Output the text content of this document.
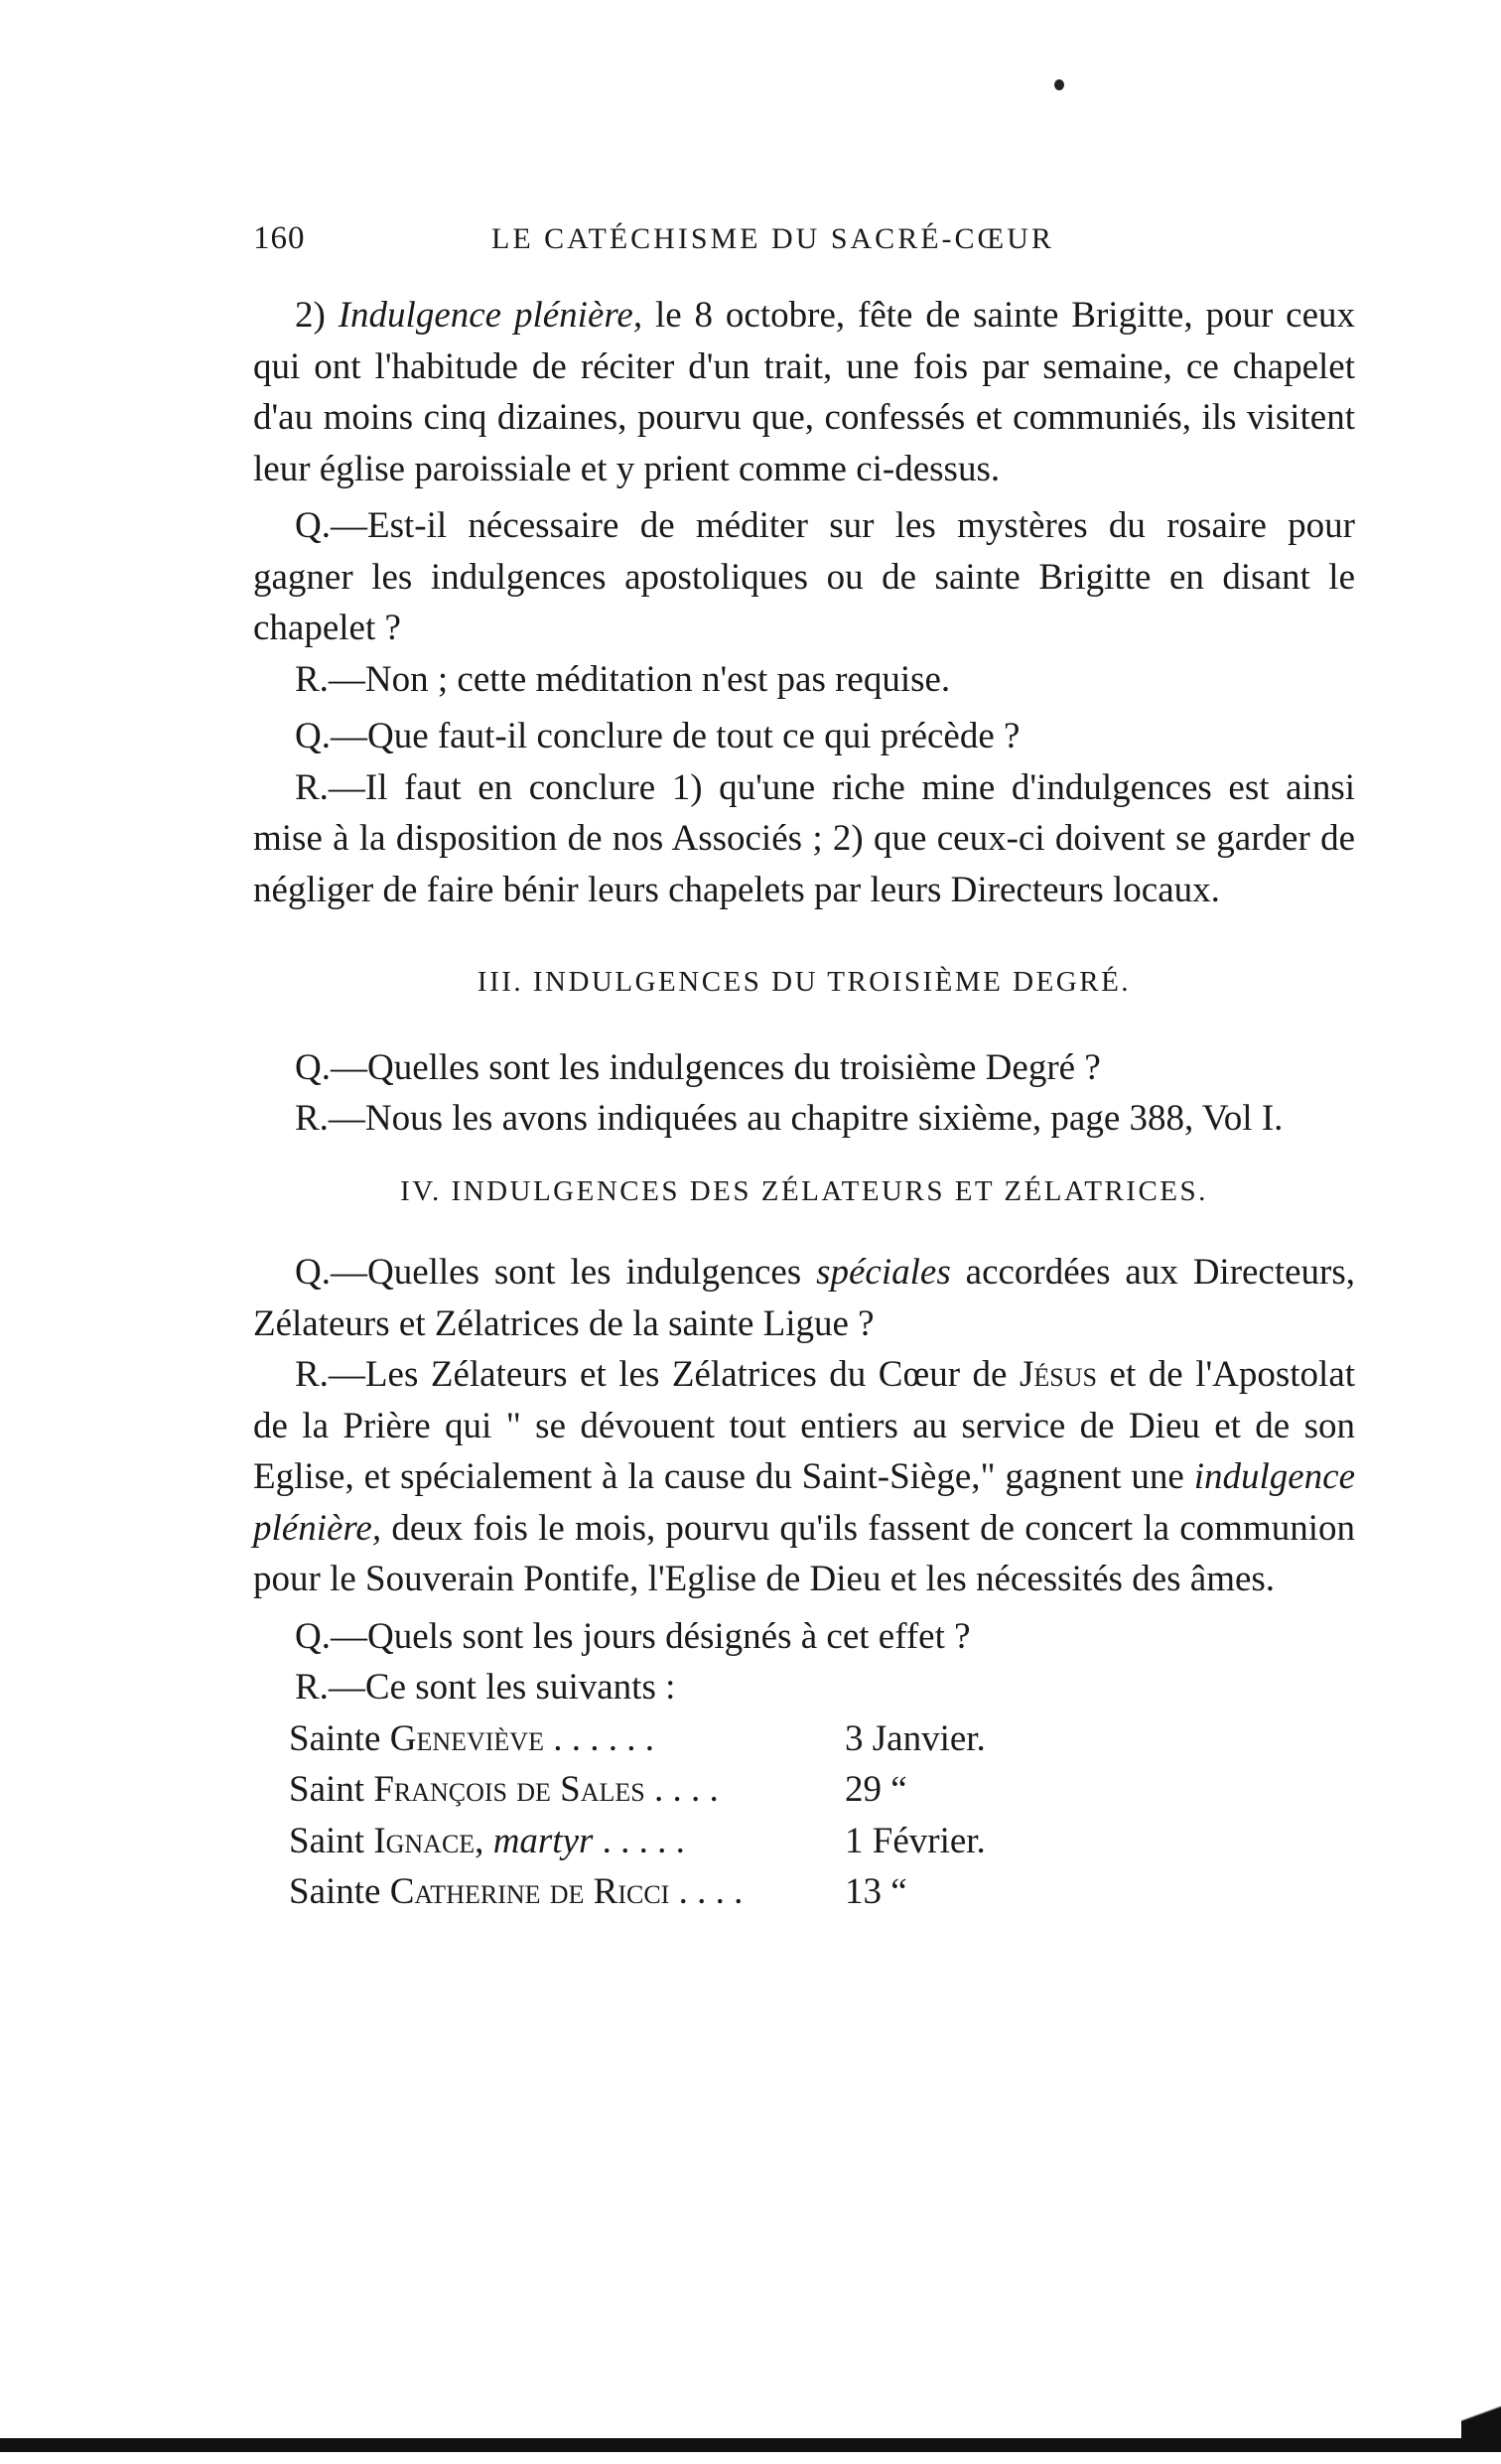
160	LE CATÉCHISME DU SACRÉ-CŒUR

2) Indulgence plénière, le 8 octobre, fête de sainte Brigitte, pour ceux qui ont l'habitude de réciter d'un trait, une fois par semaine, ce chapelet d'au moins cinq dizaines, pourvu que, confessés et communiés, ils visitent leur église paroissiale et y prient comme ci-dessus.

Q.—Est-il nécessaire de méditer sur les mystères du rosaire pour gagner les indulgences apostoliques ou de sainte Brigitte en disant le chapelet ?

R.—Non ; cette méditation n'est pas requise.

Q.—Que faut-il conclure de tout ce qui précède ?

R.—Il faut en conclure 1) qu'une riche mine d'indulgences est ainsi mise à la disposition de nos Associés ; 2) que ceux-ci doivent se garder de négliger de faire bénir leurs chapelets par leurs Directeurs locaux.

III. INDULGENCES DU TROISIÈME DEGRÉ.

Q.—Quelles sont les indulgences du troisième Degré ?

R.—Nous les avons indiquées au chapitre sixième, page 388, Vol I.

IV. INDULGENCES DES ZÉLATEURS ET ZÉLATRICES.

Q.—Quelles sont les indulgences spéciales accordées aux Directeurs, Zélateurs et Zélatrices de la sainte Ligue ?

R.—Les Zélateurs et les Zélatrices du Cœur de Jésus et de l'Apostolat de la Prière qui " se dévouent tout entiers au service de Dieu et de son Eglise, et spécialement à la cause du Saint-Siège," gagnent une indulgence plénière, deux fois le mois, pourvu qu'ils fassent de concert la communion pour le Souverain Pontife, l'Eglise de Dieu et les nécessités des âmes.

Q.—Quels sont les jours désignés à cet effet ?

R.—Ce sont les suivants :

Sainte Geneviève . . . . . .	3 Janvier.
Saint François de Sales . . . .	29 “
Saint Ignace, martyr . . . . .	1 Février.
Sainte Catherine de Ricci . . . .	13 “
